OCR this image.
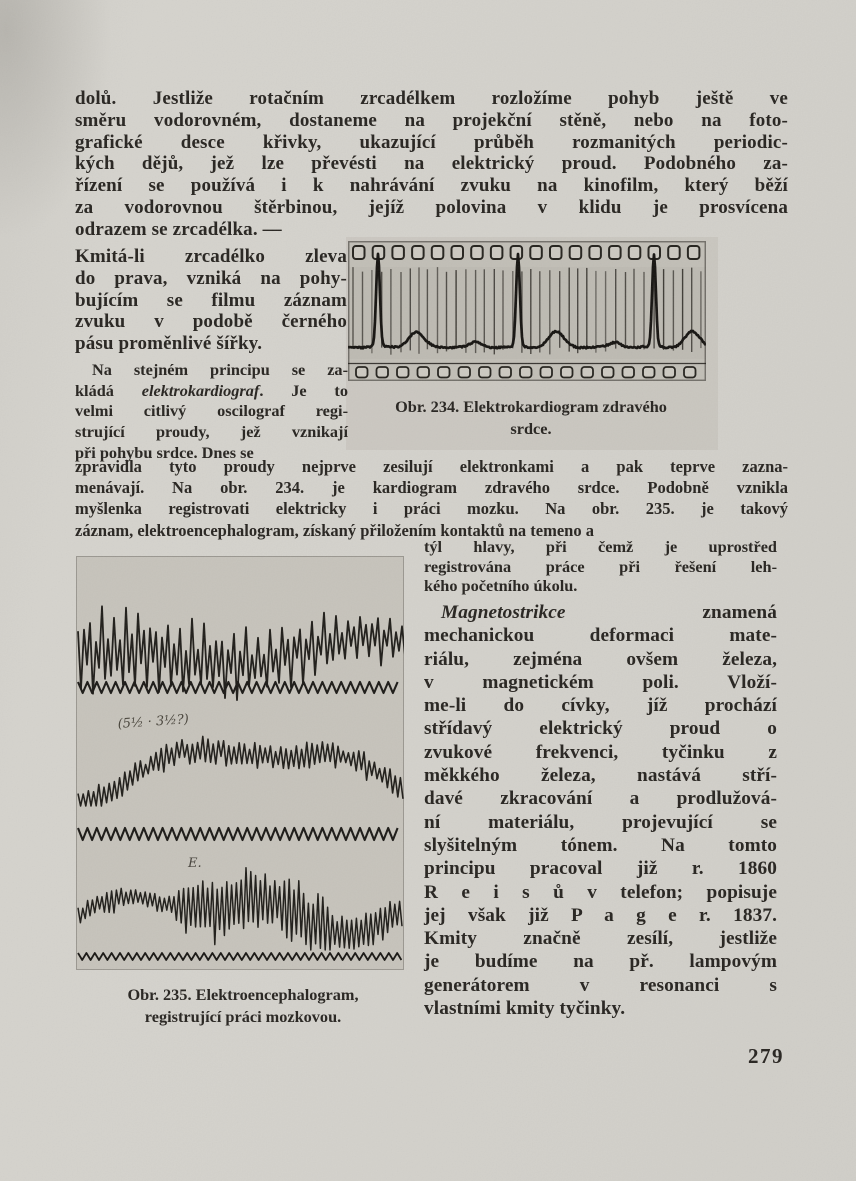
dolů. Jestliže rotačním zrcadélkem rozložíme pohyb ještě ve
směru vodorovném, dostaneme na projekční stěně, nebo na foto-
grafické desce křivky, ukazující průběh rozmanitých periodic-
kých dějů, jež lze převésti na elektrický proud. Podobného za-
řízení se používá i k nahrávání zvuku na kinofilm, který běží
za vodorovnou štěrbinou, jejíž polovina v klidu je prosvícena
odrazem se zrcadélka. —
Obr. 234. Elektrokardiogram zdravého
srdce.
Kmitá-li zrcadélko zleva
do prava, vzniká na pohy-
bujícím se filmu záznam
zvuku v podobě černého
pásu proměnlivé šířky.
Na stejném principu se za-
kládá elektrokardiograf. Je to
velmi citlivý oscilograf regi-
strující proudy, jež vznikají
při pohybu srdce. Dnes se
zpravidla tyto proudy nejprve zesilují elektronkami a pak teprve zazna-
menávají. Na obr. 234. je kardiogram zdravého srdce. Podobně vznikla
myšlenka registrovati elektricky i práci mozku. Na obr. 235. je takový
záznam, elektroencephalogram, získaný přiložením kontaktů na temeno a
(5½ · 3½?)
E.
týl hlavy, při čemž je uprostřed
registrována práce při řešení leh-
kého početního úkolu.
Magnetostrikce znamená
mechanickou deformaci mate-
riálu, zejména ovšem železa,
v magnetickém poli. Vloží-
me-li do cívky, jíž prochází
střídavý elektrický proud o
zvukové frekvenci, tyčinku z
měkkého železa, nastává stří-
davé zkracování a prodlužová-
ní materiálu, projevující se
slyšitelným tónem. Na tomto
principu pracoval již r. 1860
R e i s ů v telefon; popisuje
jej však již P a g e r. 1837.
Kmity značně zesílí, jestliže
je budíme na př. lampovým
generátorem v resonanci s
vlastními kmity tyčinky.
Obr. 235. Elektroencephalogram,
registrující práci mozkovou.
279
